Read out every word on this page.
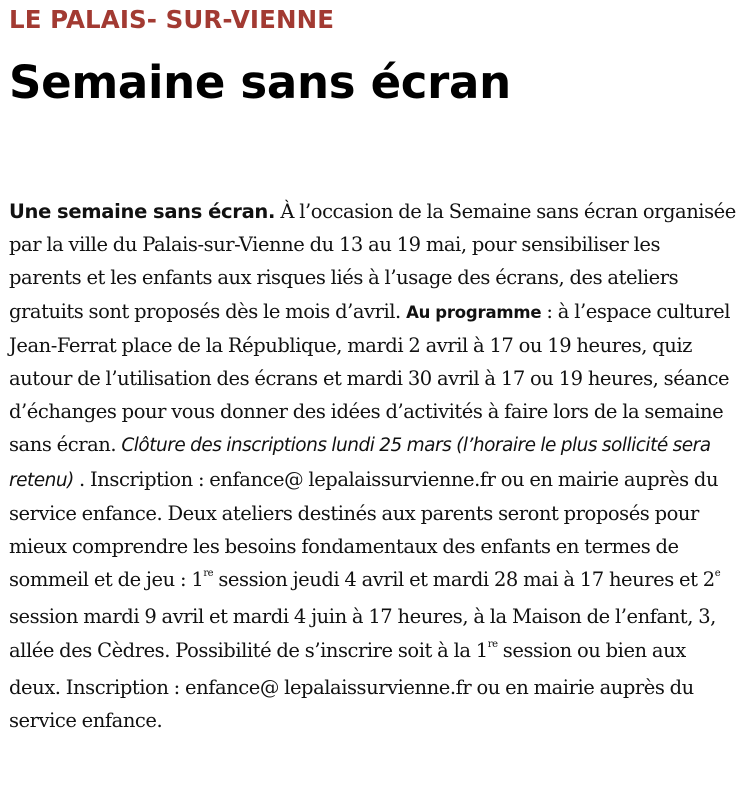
LE PALAIS- SUR-VIENNE
Semaine sans écran

Une semaine sans écran. À l’occasion de la Semaine sans écran organisée par la ville du Palais-sur-Vienne du 13 au 19 mai, pour sensibiliser les parents et les enfants aux risques liés à l’usage des écrans, des ateliers gratuits sont proposés dès le mois d’avril. Au programme : à l’espace culturel Jean-Ferrat place de la République, mardi 2 avril à 17 ou 19 heures, quiz autour de l’utilisation des écrans et mardi 30 avril à 17 ou 19 heures, séance d’échanges pour vous donner des idées d’activités à faire lors de la semaine sans écran. Clôture des inscriptions lundi 25 mars (l’horaire le plus sollicité sera retenu) . Inscription : enfance@ lepalaissurvienne.fr ou en mairie auprès du service enfance. Deux ateliers destinés aux parents seront proposés pour mieux comprendre les besoins fondamentaux des enfants en termes de sommeil et de jeu : 1re session jeudi 4 avril et mardi 28 mai à 17 heures et 2e session mardi 9 avril et mardi 4 juin à 17 heures, à la Maison de l’enfant, 3, allée des Cèdres. Possibilité de s’inscrire soit à la 1re session ou bien aux deux. Inscription : enfance@ lepalaissurvienne.fr ou en mairie auprès du service enfance.
